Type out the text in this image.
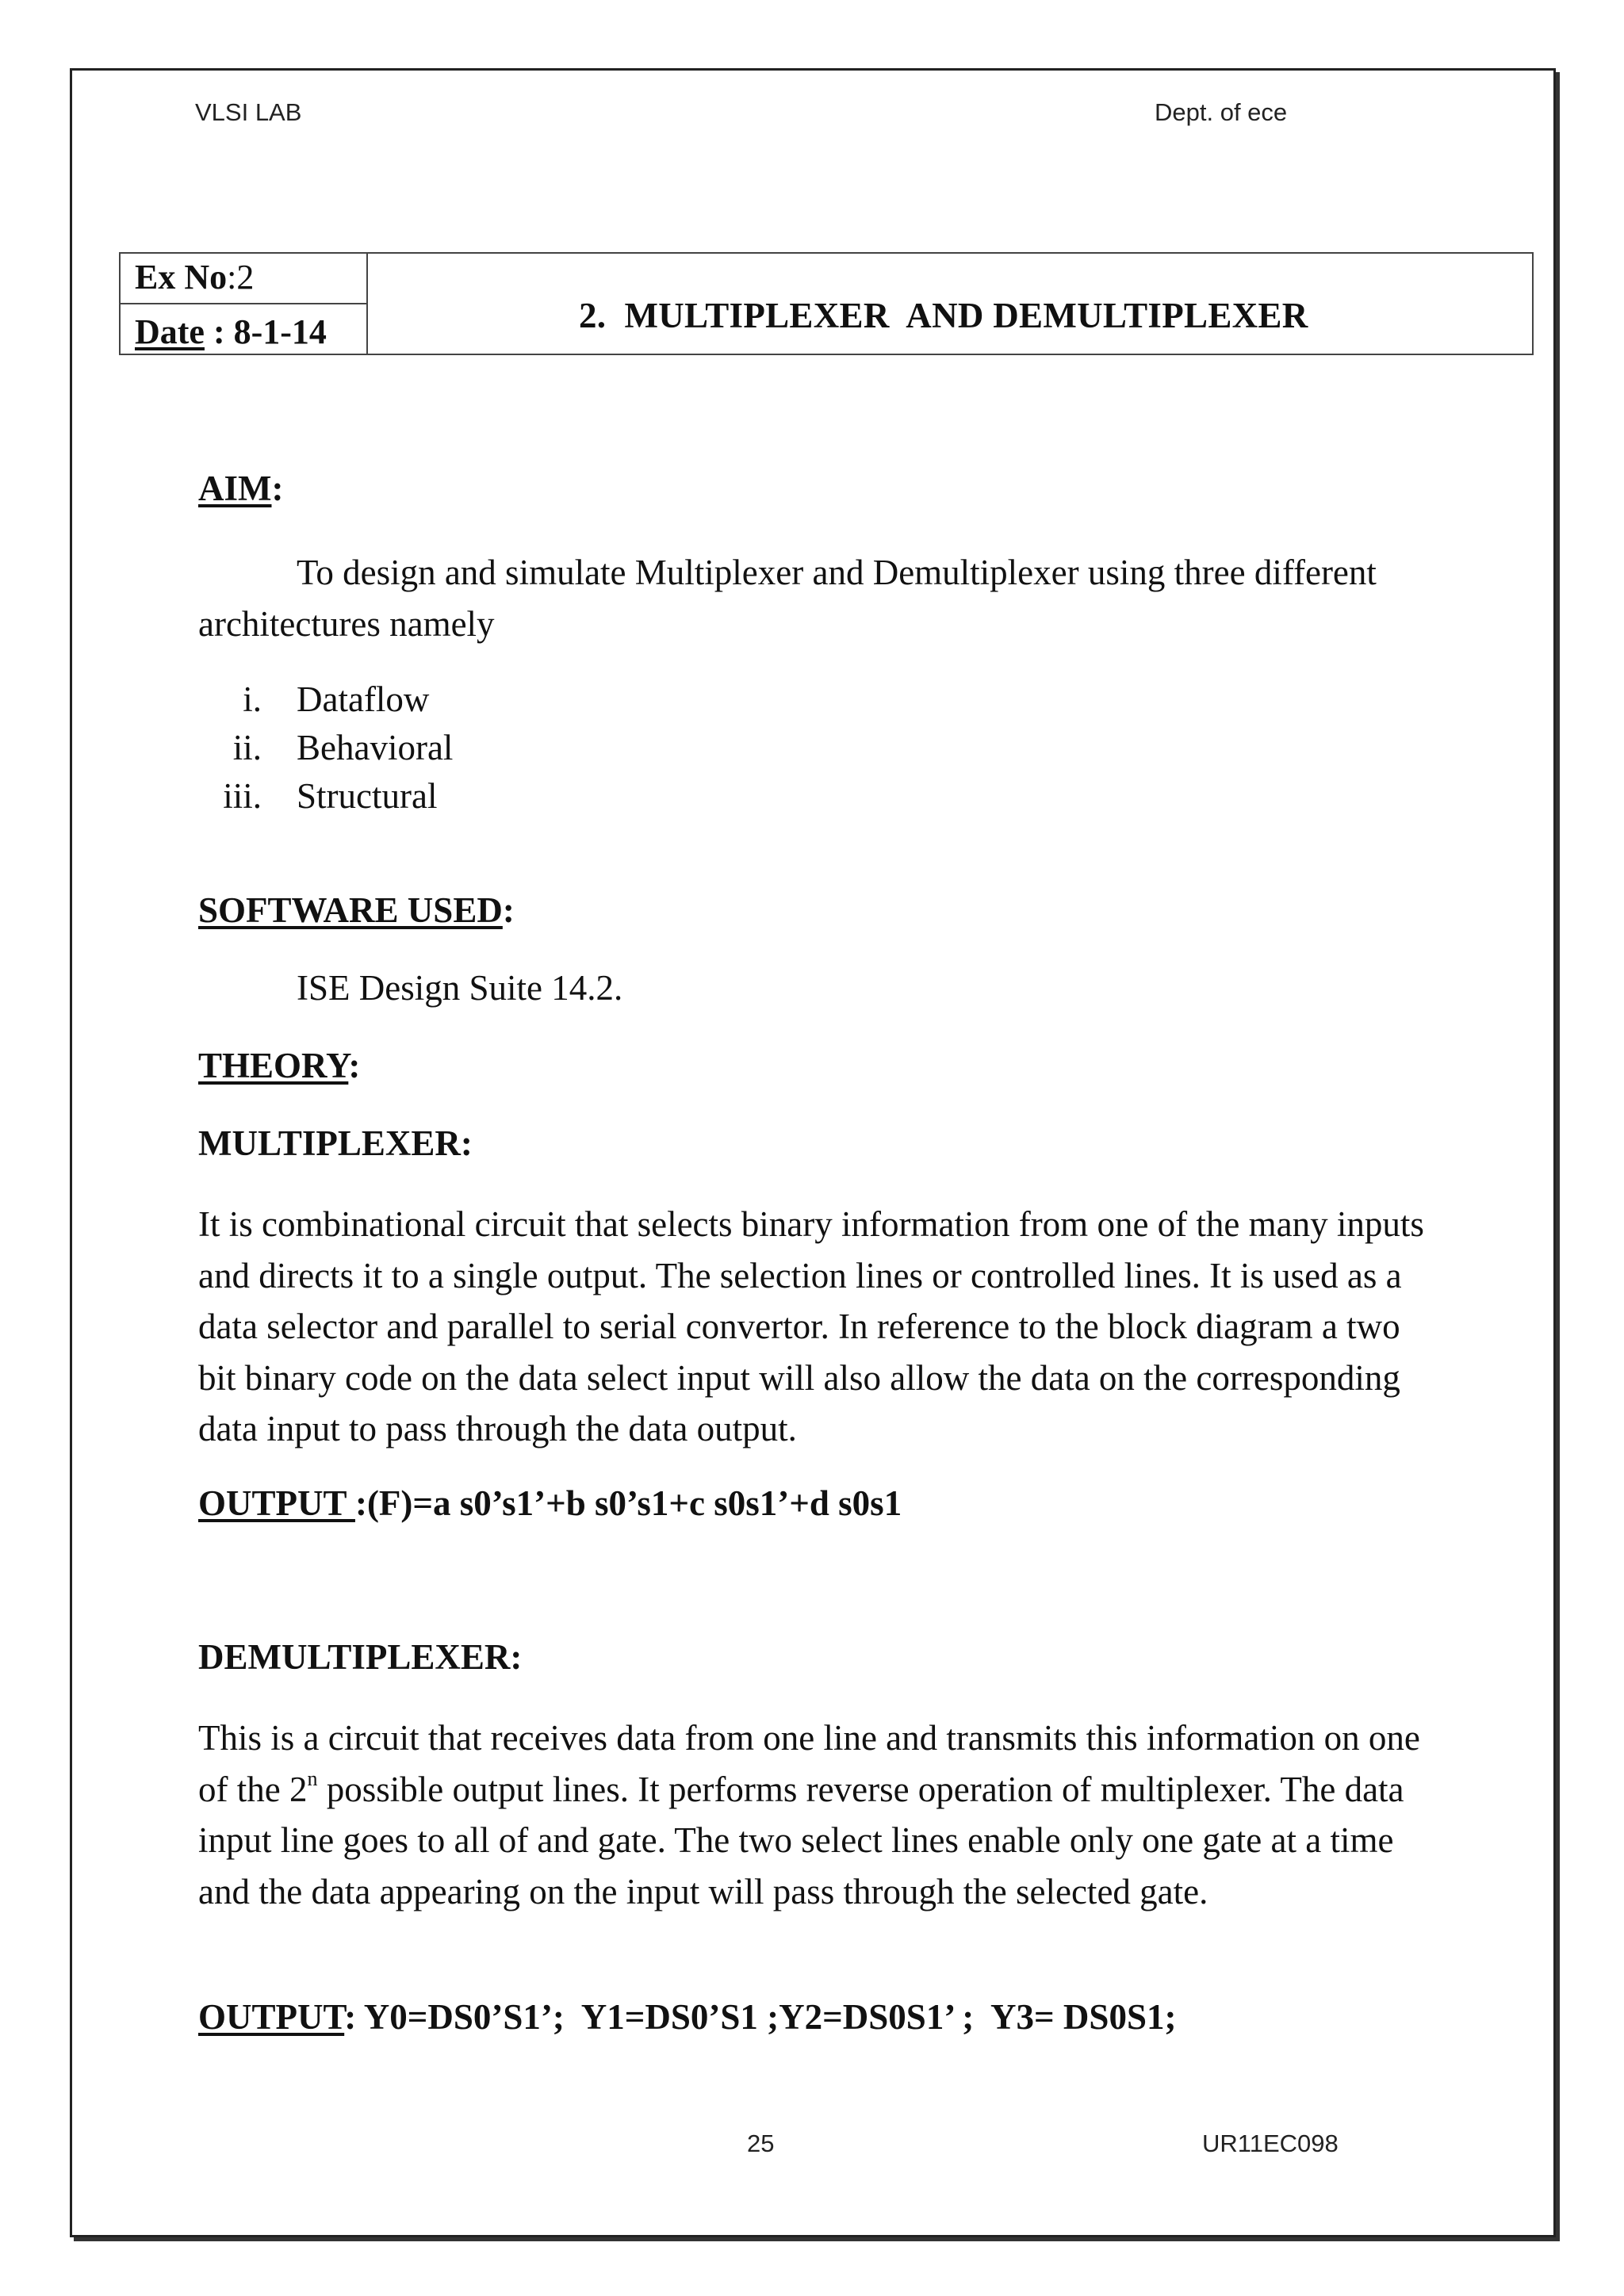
VLSI LAB	Dept. of ece
Ex No:2
Date : 8-1-14	2.  MULTIPLEXER  AND DEMULTIPLEXER
AIM:
To design and simulate Multiplexer and Demultiplexer using three different architectures namely
i. Dataflow
ii. Behavioral
iii. Structural
SOFTWARE USED:
ISE Design Suite 14.2.
THEORY:
MULTIPLEXER:
It is combinational circuit that selects binary information from one of the many inputs and directs it to a single output. The selection lines or controlled lines. It is used as a data selector and parallel to serial convertor. In reference to the block diagram a two bit binary code on the data select input will also allow the data on the corresponding data input to pass through the data output.
OUTPUT :(F)=a s0’s1’+b s0’s1+c s0s1’+d s0s1
DEMULTIPLEXER:
This is a circuit that receives data from one line and transmits this information on one of the 2$^n$ possible output lines. It performs reverse operation of multiplexer. The data input line goes to all of and gate. The two select lines enable only one gate at a time and the data appearing on the input will pass through the selected gate.
OUTPUT: Y0=DS0’S1’;  Y1=DS0’S1 ;Y2=DS0S1’ ;  Y3= DS0S1;
25	UR11EC098
